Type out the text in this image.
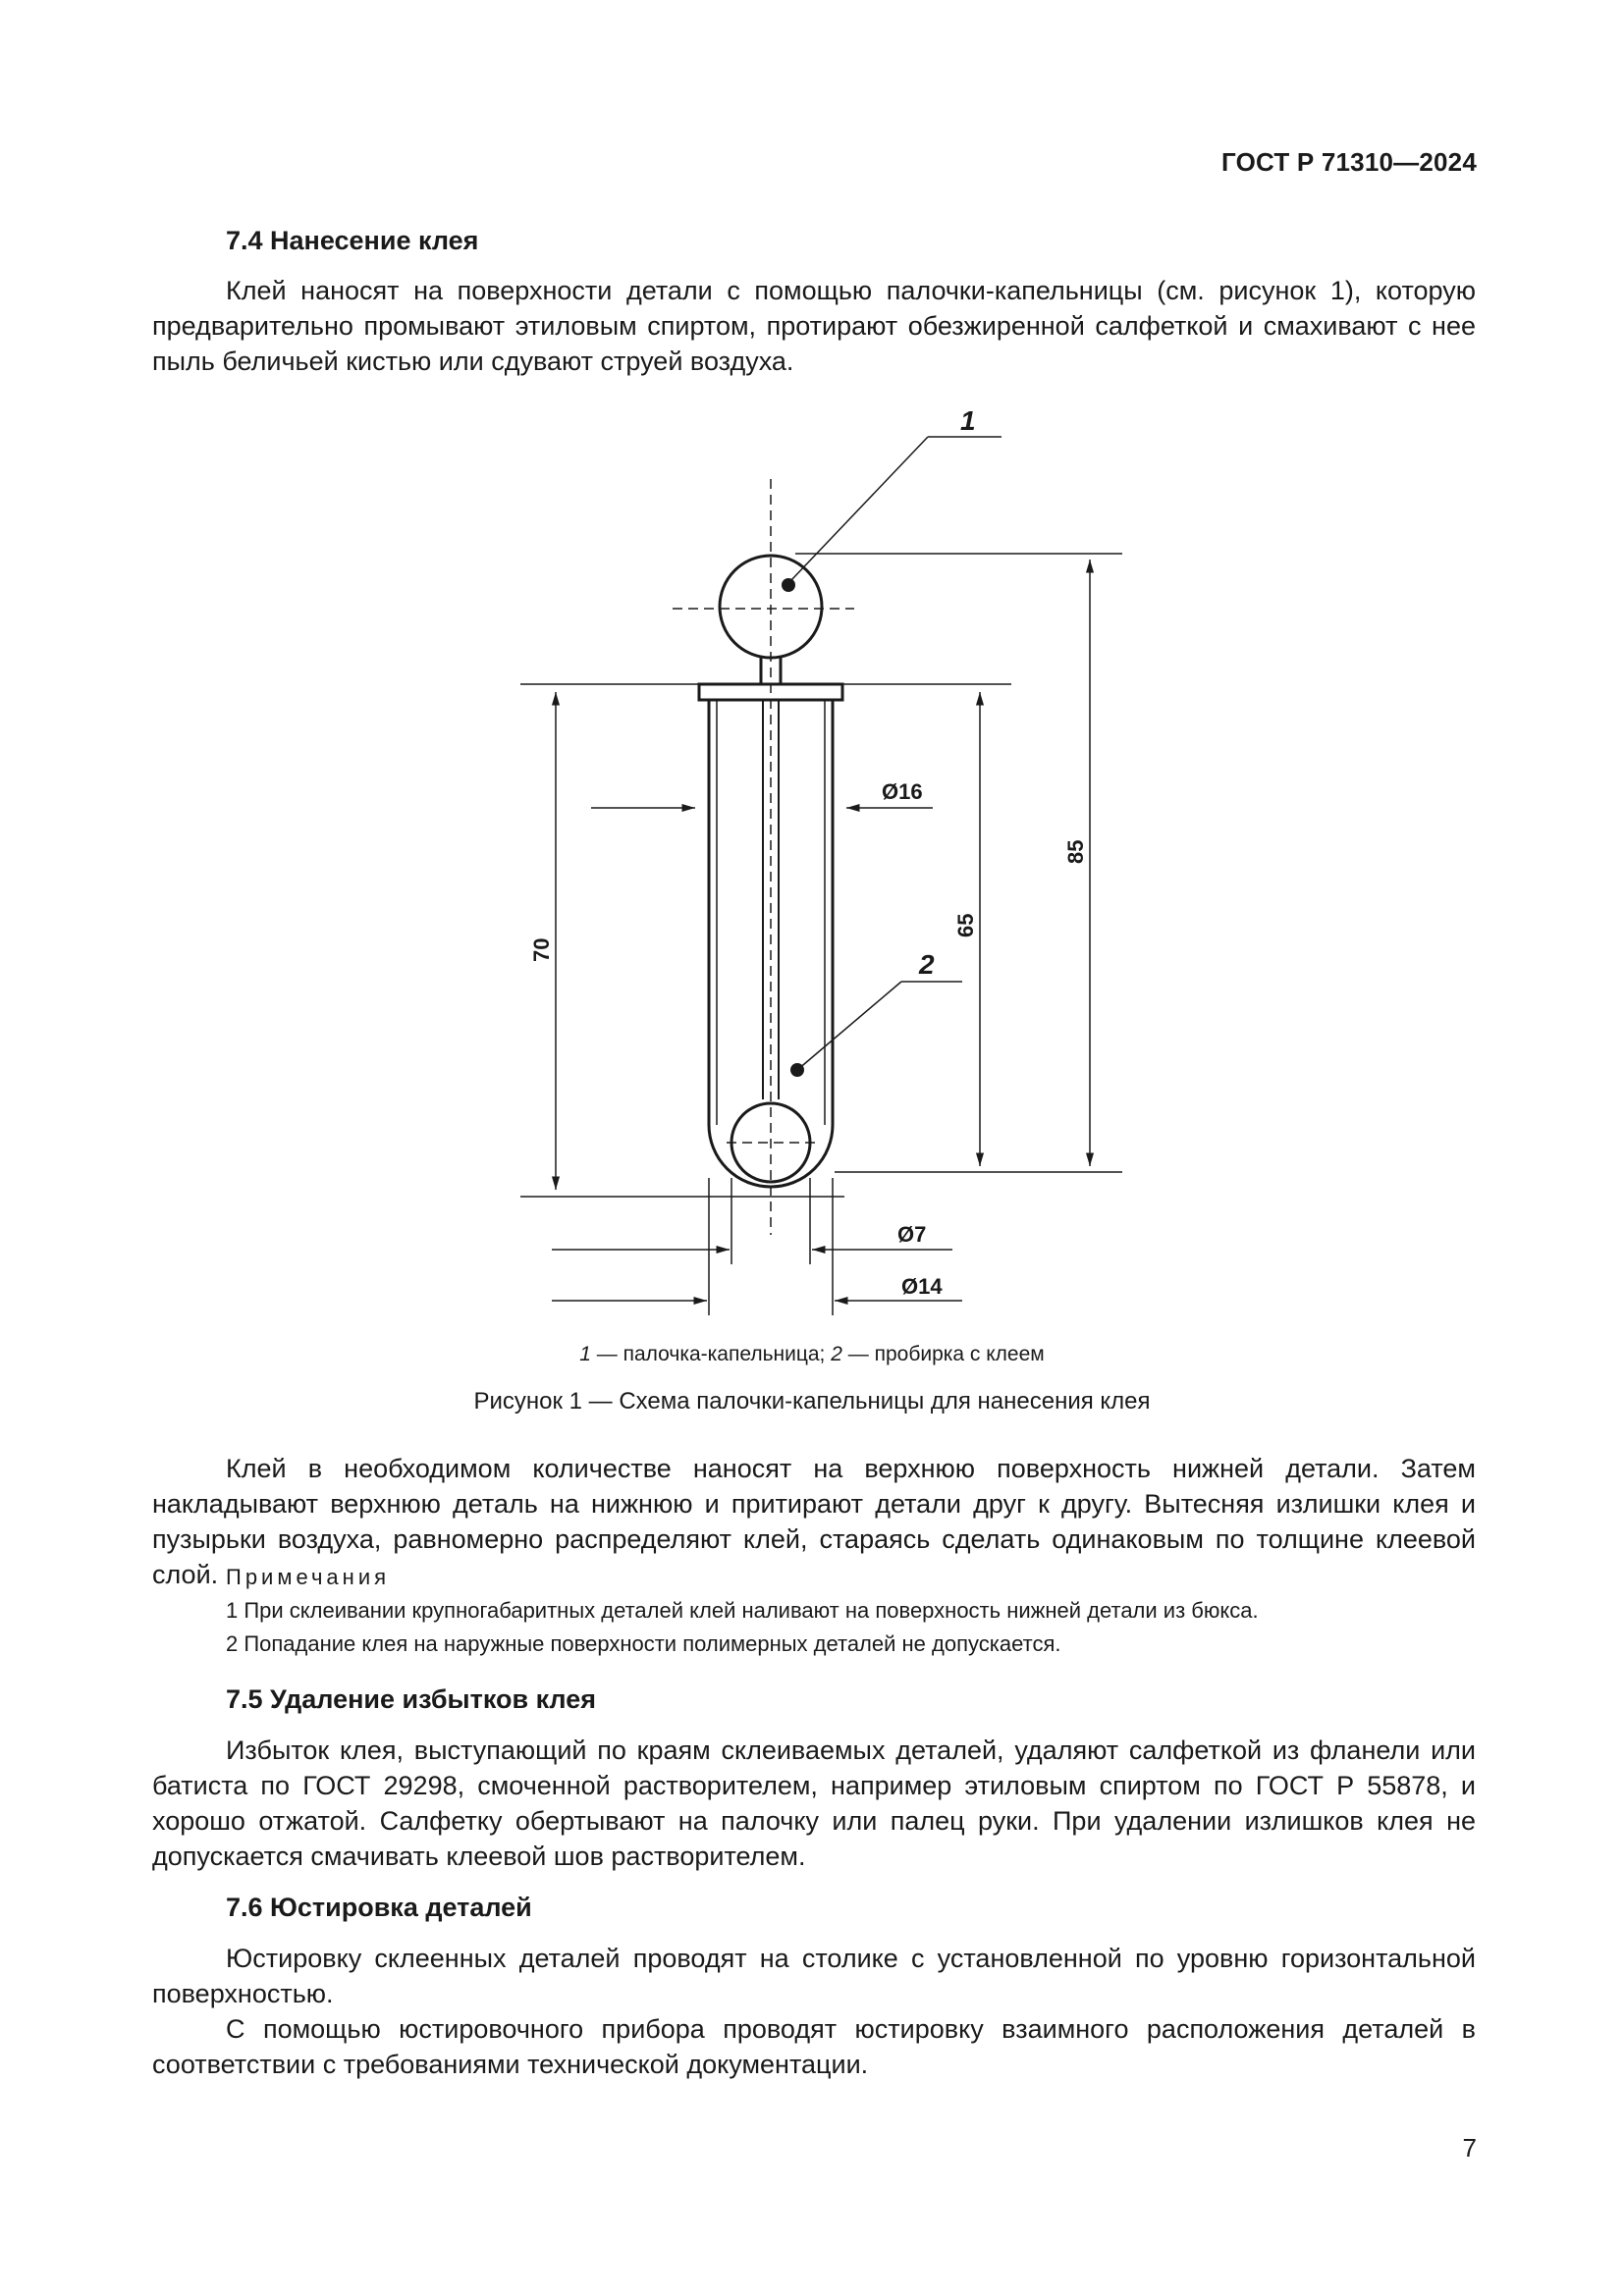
ГОСТ Р 71310—2024
7.4 Нанесение клея

Клей наносят на поверхности детали с помощью палочки-капельницы (см. рисунок 1), которую предварительно промывают этиловым спиртом, протирают обезжиренной салфеткой и смахивают с нее пыль беличьей кистью или сдувают струей воздуха.

1
2
Ø16
Ø7
Ø14
70
65
85
1 — палочка-капельница; 2 — пробирка с клеем
Рисунок 1 — Схема палочки-капельницы для нанесения клея

Клей в необходимом количестве наносят на верхнюю поверхность нижней детали. Затем накладывают верхнюю деталь на нижнюю и притирают детали друг к другу. Вытесняя излишки клея и пузырьки воздуха, равномерно распределяют клей, стараясь сделать одинаковым по толщине клеевой слой. Примечания
1 При склеивании крупногабаритных деталей клей наливают на поверхность нижней детали из бюкса.
2 Попадание клея на наружные поверхности полимерных деталей не допускается.
7.5 Удаление избытков клея

Избыток клея, выступающий по краям склеиваемых деталей, удаляют салфеткой из фланели или батиста по ГОСТ 29298, смоченной растворителем, например этиловым спиртом по ГОСТ Р 55878, и хорошо отжатой. Салфетку обертывают на палочку или палец руки. При удалении излишков клея не допускается смачивать клеевой шов растворителем.

7.6 Юстировка деталей

Юстировку склеенных деталей проводят на столике с установленной по уровню горизонтальной поверхностью.

С помощью юстировочного прибора проводят юстировку взаимного расположения деталей в соответствии с требованиями технической документации.

7
